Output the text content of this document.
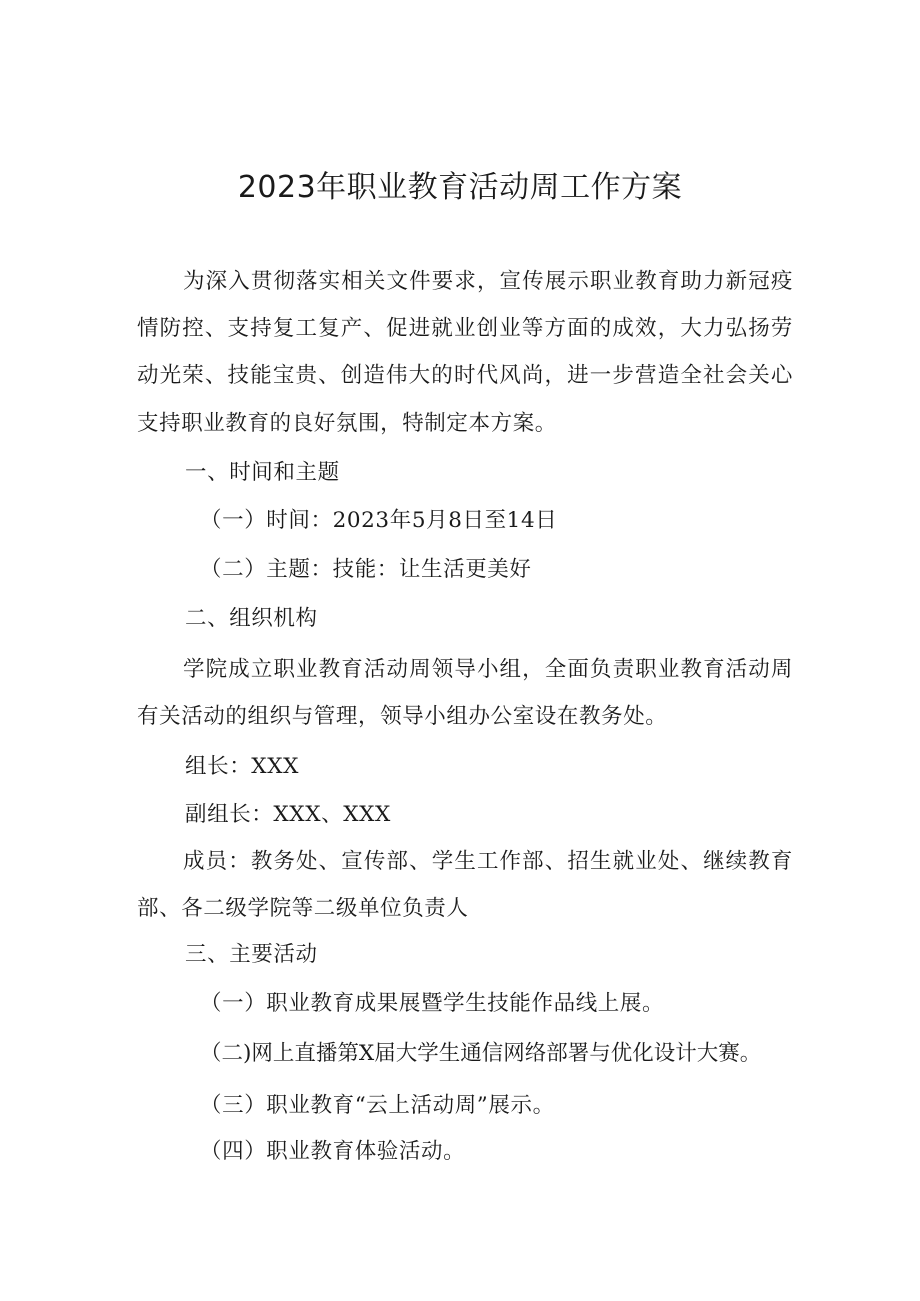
2023年职业教育活动周工作方案

为深入贯彻落实相关文件要求，宣传展示职业教育助力新冠疫情防控、支持复工复产、促进就业创业等方面的成效，大力弘扬劳动光荣、技能宝贵、创造伟大的时代风尚，进一步营造全社会关心支持职业教育的良好氛围，特制定本方案。

一、时间和主题
（一）时间：2023年5月8日至14日
（二）主题：技能：让生活更美好
二、组织机构

学院成立职业教育活动周领导小组，全面负责职业教育活动周有关活动的组织与管理，领导小组办公室设在教务处。

组长：XXX
副组长：XXX、XXX

成员：教务处、宣传部、学生工作部、招生就业处、继续教育部、各二级学院等二级单位负责人

三、主要活动
（一）职业教育成果展暨学生技能作品线上展。
（二)网上直播第X届大学生通信网络部署与优化设计大赛。
（三）职业教育“云上活动周”展示。
（四）职业教育体验活动。
